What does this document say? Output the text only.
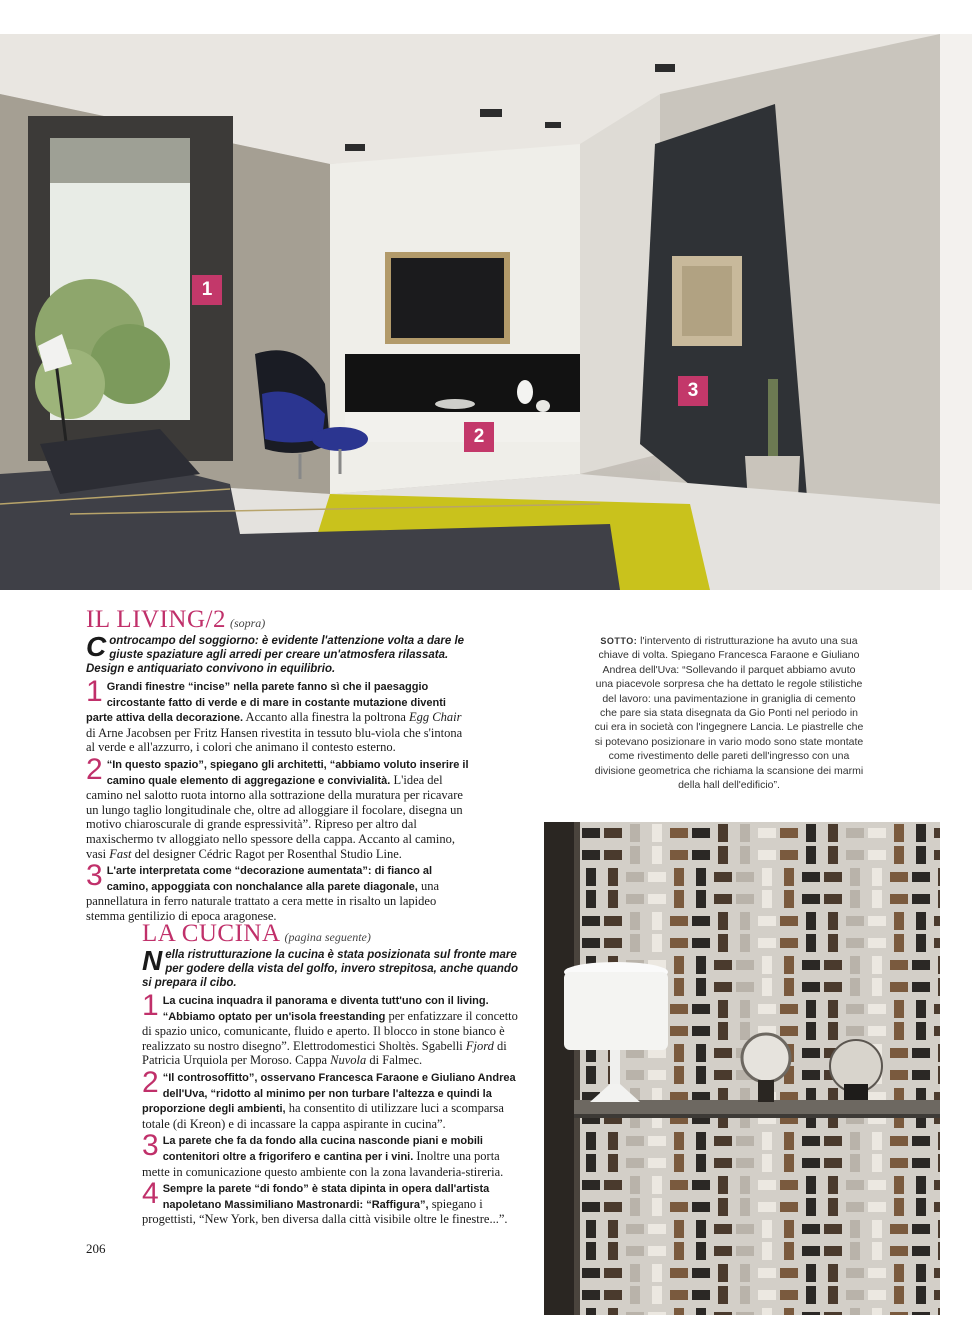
1
2
3
IL LIVING/2 (sopra)
Controcampo del soggiorno: è evidente l'attenzione volta a dare le giuste spaziature agli arredi per creare un'atmosfera rilassata. Design e antiquariato convivono in equilibrio.
1 Grandi finestre “incise” nella parete fanno sì che il paesaggio circostante fatto di verde e di mare in costante mutazione diventi parte attiva della decorazione. Accanto alla finestra la poltrona Egg Chair di Arne Jacobsen per Fritz Hansen rivestita in tessuto blu-viola che s'intona al verde e all'azzurro, i colori che animano il contesto esterno.
2 “In questo spazio”, spiegano gli architetti, “abbiamo voluto inserire il camino quale elemento di aggregazione e convivialità. L'idea del camino nel salotto ruota intorno alla sottrazione della muratura per ricavare un lungo taglio longitudinale che, oltre ad alloggiare il focolare, disegna un motivo chiaroscurale di grande espressività”. Ripreso per altro dal maxischermo tv alloggiato nello spessore della cappa. Accanto al camino, vasi Fast del designer Cédric Ragot per Rosenthal Studio Line.
3 L'arte interpretata come “decorazione aumentata”: di fianco al camino, appoggiata con nonchalance alla parete diagonale, una pannellatura in ferro naturale trattato a cera mette in risalto un lapideo stemma gentilizio di epoca aragonese.
SOTTO: l'intervento di ristrutturazione ha avuto una sua chiave di volta. Spiegano Francesca Faraone e Giuliano Andrea dell'Uva: “Sollevando il parquet abbiamo avuto una piacevole sorpresa che ha dettato le regole stilistiche del lavoro: una pavimentazione in graniglia di cemento che pare sia stata disegnata da Gio Ponti nel periodo in cui era in società con l'ingegnere Lancia. Le piastrelle che si potevano posizionare in vario modo sono state montate come rivestimento delle pareti dell'ingresso con una divisione geometrica che richiama la scansione dei marmi della hall dell'edificio”.
LA CUCINA (pagina seguente)
Nella ristrutturazione la cucina è stata posizionata sul fronte mare per godere della vista del golfo, invero strepitosa, anche quando si prepara il cibo.
1 La cucina inquadra il panorama e diventa tutt'uno con il living. “Abbiamo optato per un'isola freestanding per enfatizzare il concetto di spazio unico, comunicante, fluido e aperto. Il blocco in stone bianco è realizzato su nostro disegno”. Elettrodomestici Sholtès. Sgabelli Fjord di Patricia Urquiola per Moroso. Cappa Nuvola di Falmec.
2 “Il controsoffitto”, osservano Francesca Faraone e Giuliano Andrea dell'Uva, “ridotto al minimo per non turbare l'altezza e quindi la proporzione degli ambienti, ha consentito di utilizzare luci a scomparsa totale (di Kreon) e di incassare la cappa aspirante in cucina”.
3 La parete che fa da fondo alla cucina nasconde piani e mobili contenitori oltre a frigorifero e cantina per i vini. Inoltre una porta mette in comunicazione questo ambiente con la zona lavanderia-stireria.
4 Sempre la parete “di fondo” è stata dipinta in opera dall'artista napoletano Massimiliano Mastronardi: “Raffigura”, spiegano i progettisti, “New York, ben diversa dalla città visibile oltre le finestre...”.
206
